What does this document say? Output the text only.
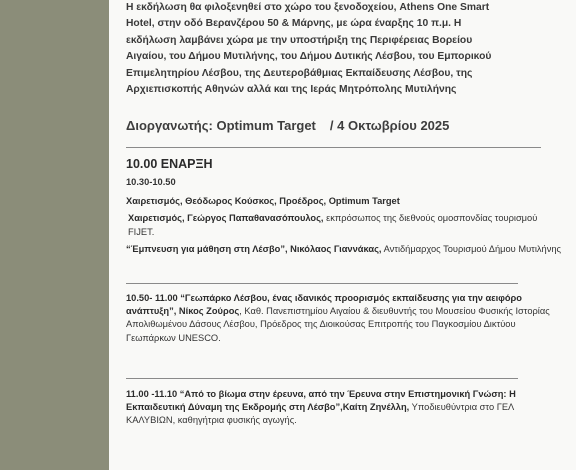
Η εκδήλωση θα φιλοξενηθεί στο χώρο του ξενοδοχείου, Athens One Smart
Hotel, στην οδό Βερανζέρου 50 & Μάρνης, με ώρα έναρξης 10 π.μ. Η
εκδήλωση λαμβάνει χώρα με την υποστήριξη της Περιφέρειας Βορείου
Αιγαίου, του Δήμου Μυτιλήνης, του Δήμου Δυτικής Λέσβου, του Εμπορικού
Επιμελητηρίου Λέσβου, της Δευτεροβάθμιας Εκπαίδευσης Λέσβου, της
Αρχιεπισκοπής Αθηνών αλλά και της Ιεράς Μητρόπολης Μυτιλήνης
Διοργανωτής: Optimum Target / 4 Οκτωβρίου 2025
10.00 ΕΝΑΡΞΗ
10.30-10.50
Χαιρετισμός, Θεόδωρος Κούσκος, Προέδρος, Optimum Target
Χαιρετισμός, Γεώργος Παπαθανασόπουλος, εκπρόσωπος της διεθνούς ομοσπονδίας τουρισμού FIJET.
“Έμπνευση για μάθηση στη Λέσβο”, Νικόλαος Γιαννάκας, Αντιδήμαρχος Τουρισμού Δήμου Μυτιλήνης
10.50- 11.00 “Γεωπάρκο Λέσβου, ένας ιδανικός προορισμός εκπαίδευσης για την αειφόρο ανάπτυξη”, Νίκος Ζούρος, Καθ. Πανεπιστημίου Αιγαίου & διευθυντής του Μουσείου Φυσικής Ιστορίας Απολιθωμένου Δάσους Λέσβου, Πρόεδρος της Διοικούσας Επιτροπής του Παγκοσμίου Δικτύου Γεωπάρκων UNESCO.
11.00 -11.10 “Από το βίωμα στην έρευνα, από την Έρευνα στην Επιστημονική Γνώση: Η Εκπαιδευτική Δύναμη της Εκδρομής στη Λέσβο”,Καίτη Ζηνέλλη, Υποδιευθύντρια στο ΓΕΛ ΚΑΛΥΒΙΩΝ, καθηγήτρια φυσικής αγωγής.
